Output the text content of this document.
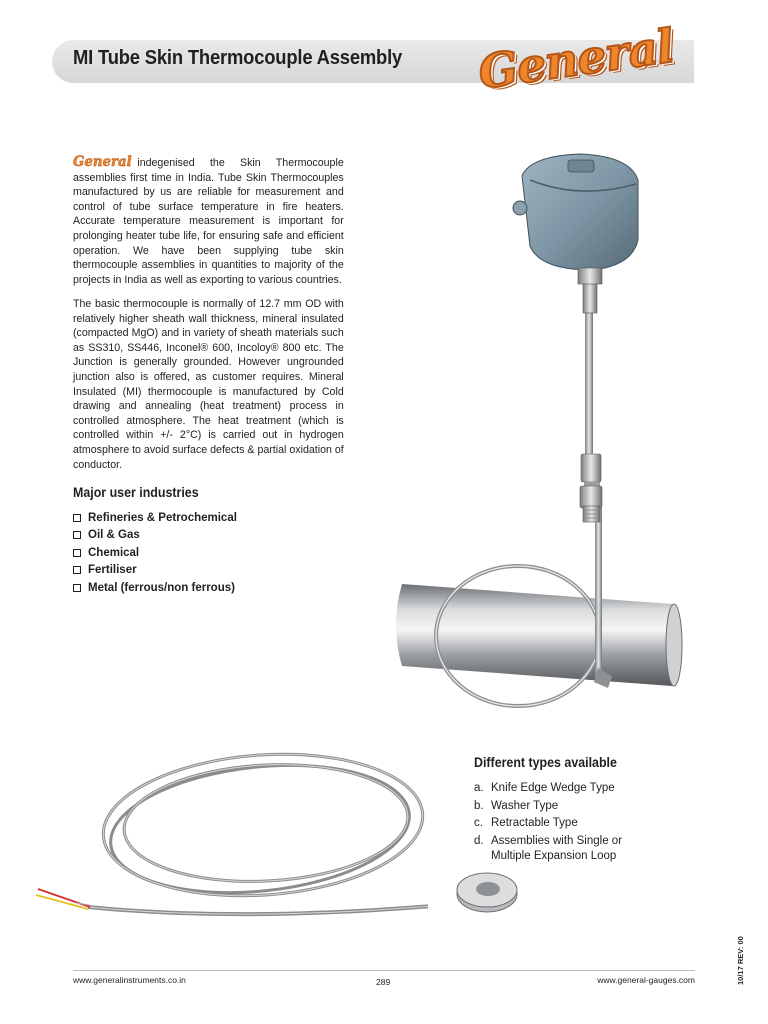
MI Tube Skin Thermocouple Assembly General

General indegenised the Skin Thermocouple assemblies first time in India. Tube Skin Thermocouples manufactured by us are reliable for measurement and control of tube surface temperature in fire heaters. Accurate temperature measurement is important for prolonging heater tube life, for ensuring safe and efficient operation. We have been supplying tube skin thermocouple assemblies in quantities to majority of the projects in India as well as exporting to various countries.

The basic thermocouple is normally of 12.7 mm OD with relatively higher sheath wall thickness, mineral insulated (compacted MgO) and in variety of sheath materials such as SS310, SS446, Inconel® 600, Incoloy® 800 etc. The Junction is generally grounded. However ungrounded junction also is offered, as customer requires. Mineral Insulated (MI) thermocouple is manufactured by Cold drawing and annealing (heat treatment) process in controlled atmosphere. The heat treatment (which is controlled within +/- 2°C) is carried out in hydrogen atmosphere to avoid surface defects & partial oxidation of conductor.

Major user industries
Refineries & Petrochemical
Oil & Gas
Chemical
Fertiliser
Metal (ferrous/non ferrous)
Different types available
a. Knife Edge Wedge Type
b. Washer Type
c. Retractable Type
d. Assemblies with Single or Multiple Expansion Loop
www.generalinstruments.co.in	289	www.general-gauges.com	10/17 REV: 00
